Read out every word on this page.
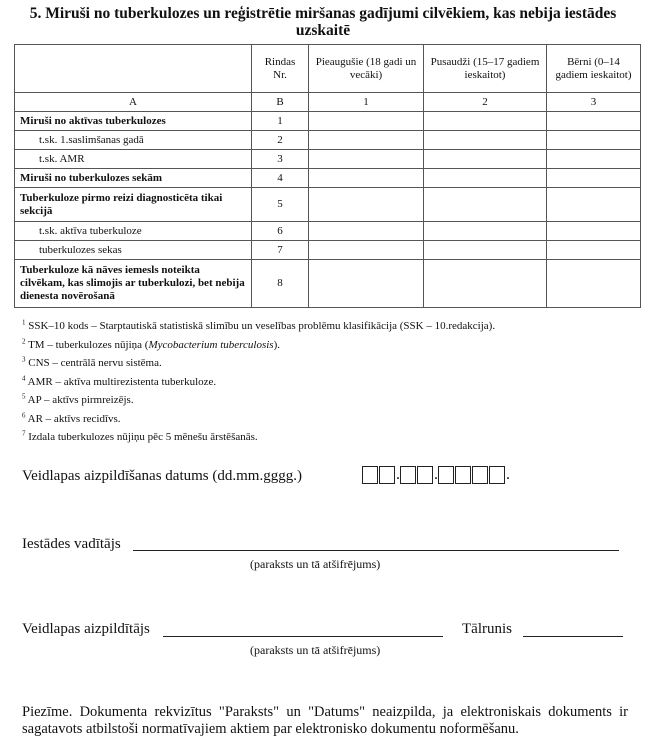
5. Miruši no tuberkulozes un reģistrētie miršanas gadījumi cilvēkiem, kas nebija iestādes uzskaitē
	Rindas Nr.	Pieaugušie (18 gadi un vecāki)	Pusaudži (15–17 gadiem ieskaitot)	Bērni (0–14 gadiem ieskaitot)
A	B	1	2	3
Miruši no aktīvas tuberkulozes	1			
t.sk. 1.saslimšanas gadā	2			
t.sk. AMR	3			
Miruši no tuberkulozes sekām	4			
Tuberkuloze pirmo reizi diagnosticēta tikai sekcijā	5			
t.sk. aktīva tuberkuloze	6			
tuberkulozes sekas	7			
Tuberkuloze kā nāves iemesls noteikta cilvēkam, kas slimojis ar tuberkulozi, bet nebija dienesta novērošanā	8			
$^1$ SSK–10 kods – Starptautiskā statistiskā slimību un veselības problēmu klasifikācija (SSK – 10.redakcija).
$^2$ TM – tuberkulozes nūjiņa (Mycobacterium tuberculosis).
$^3$ CNS – centrālā nervu sistēma.
$^4$ AMR – aktīva multirezistenta tuberkuloze.
$^5$ AP – aktīvs pirmreizējs.
$^6$ AR – aktīvs recidīvs.
$^7$ Izdala tuberkulozes nūjiņu pēc 5 mēnešu ārstēšanās.
Veidlapas aizpildīšanas datums (dd.mm.gggg.)	. .	.
Iestādes vadītājs
(paraksts un tā atšifrējums)
Veidlapas aizpildītājs	Tālrunis
(paraksts un tā atšifrējums)
Piezīme. Dokumenta rekvizītus "Paraksts" un "Datums" neaizpilda, ja elektroniskais dokuments ir sagatavots atbilstoši normatīvajiem aktiem par elektronisko dokumentu noformēšanu.
